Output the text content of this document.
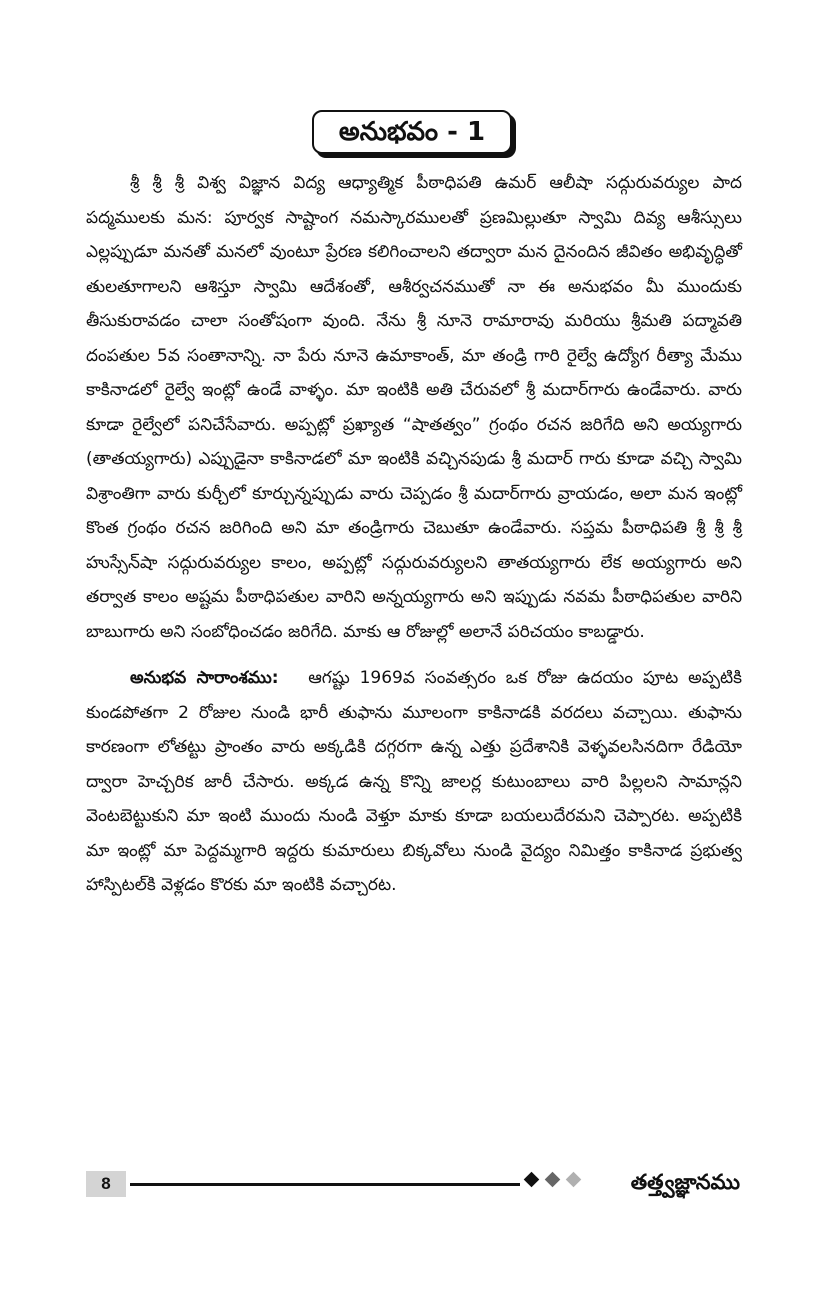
అనుభవం - 1

శ్రీ శ్రీ శ్రీ విశ్వ విజ్ఞాన విద్య ఆధ్యాత్మిక పీఠాధిపతి ఉమర్ ఆలీషా సద్గురువర్యుల పాద పద్మములకు మన: పూర్వక సాష్టాంగ నమస్కారములతో ప్రణమిల్లుతూ స్వామి దివ్య ఆశీస్సులు ఎల్లప్పుడూ మనతో మనలో వుంటూ ప్రేరణ కలిగించాలని తద్వారా మన దైనందిన జీవితం అభివృద్ధితో తులతూగాలని ఆశిస్తూ స్వామి ఆదేశంతో, ఆశీర్వచనముతో నా ఈ అనుభవం మీ ముందుకు తీసుకురావడం చాలా సంతోషంగా వుంది. నేను శ్రీ నూనె రామారావు మరియు శ్రీమతి పద్మావతి దంపతుల 5వ సంతానాన్ని. నా పేరు నూనె ఉమాకాంత్, మా తండ్రి గారి రైల్వే ఉద్యోగ రీత్యా మేము కాకినాడలో రైల్వే ఇంట్లో ఉండే వాళ్ళం. మా ఇంటికి అతి చేరువలో శ్రీ మదార్‌గారు ఉండేవారు. వారు కూడా రైల్వేలో పనిచేసేవారు. అప్పట్లో ప్రఖ్యాత “షాతత్వం” గ్రంథం రచన జరిగేది అని అయ్యగారు (తాతయ్యగారు) ఎప్పుడైనా కాకినాడలో మా ఇంటికి వచ్చినపుడు శ్రీ మదార్ గారు కూడా వచ్చి స్వామి విశ్రాంతిగా వారు కుర్చీలో కూర్చున్నప్పుడు వారు చెప్పడం శ్రీ మదార్‌గారు వ్రాయడం, అలా మన ఇంట్లో కొంత గ్రంథం రచన జరిగింది అని మా తండ్రిగారు చెబుతూ ఉండేవారు. సప్తమ పీఠాధిపతి శ్రీ శ్రీ శ్రీ హుస్సేన్‌షా సద్గురువర్యుల కాలం, అప్పట్లో సద్గురువర్యులని తాతయ్యగారు లేక అయ్యగారు అని తర్వాత కాలం అష్టమ పీఠాధిపతుల వారిని అన్నయ్యగారు అని ఇప్పుడు నవమ పీఠాధిపతుల వారిని బాబుగారు అని సంబోధించడం జరిగేది. మాకు ఆ రోజుల్లో అలానే పరిచయం కాబడ్డారు.

అనుభవ సారాంశము: ఆగష్టు 1969వ సంవత్సరం ఒక రోజు ఉదయం పూట అప్పటికి కుండపోతగా 2 రోజుల నుండి భారీ తుఫాను మూలంగా కాకినాడకి వరదలు వచ్చాయి. తుఫాను కారణంగా లోతట్టు ప్రాంతం వారు అక్కడికి దగ్గరగా ఉన్న ఎత్తు ప్రదేశానికి వెళ్ళవలసినదిగా రేడియో ద్వారా హెచ్చరిక జారీ చేసారు. అక్కడ ఉన్న కొన్ని జాలర్ల కుటుంబాలు వారి పిల్లలని సామాన్లని వెంటబెట్టుకుని మా ఇంటి ముందు నుండి వెళ్తూ మాకు కూడా బయలుదేరమని చెప్పారట. అప్పటికి మా ఇంట్లో మా పెద్దమ్మగారి ఇద్దరు కుమారులు బిక్కవోలు నుండి వైద్యం నిమిత్తం కాకినాడ ప్రభుత్వ హాస్పిటల్‌కి వెళ్లడం కొరకు మా ఇంటికి వచ్చారట.

8	తత్త్వజ్ఞానము
